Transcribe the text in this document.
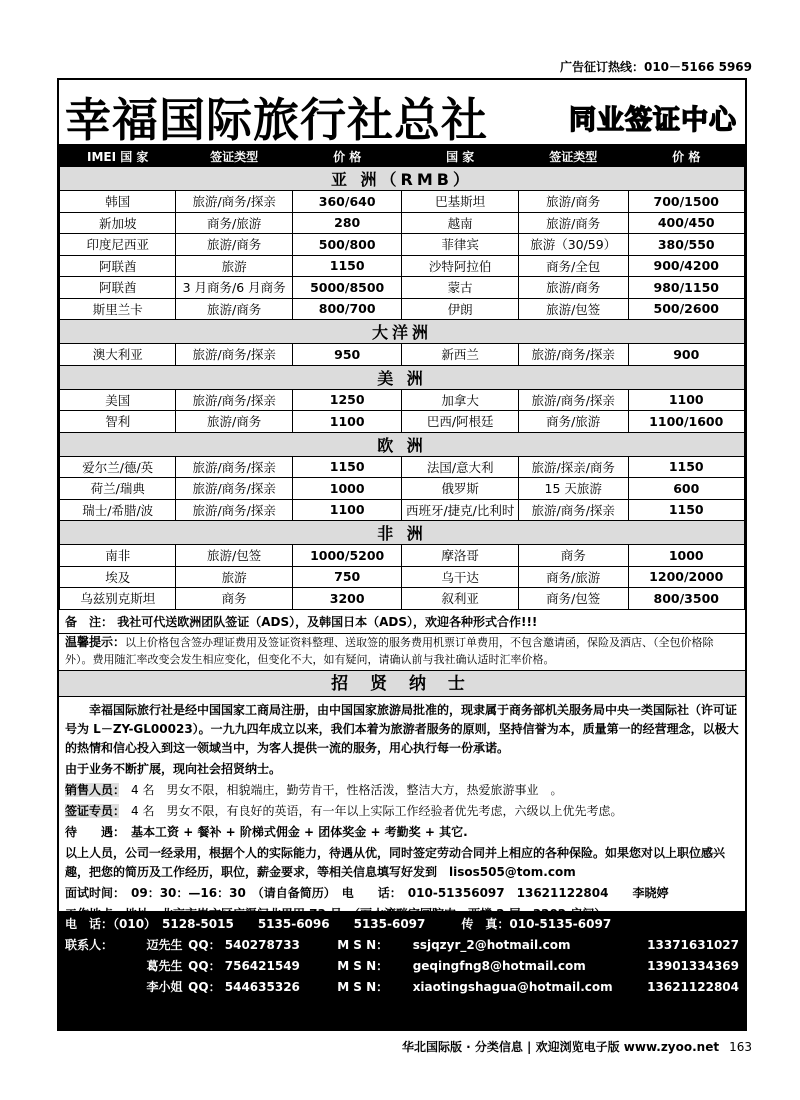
广告征订热线：010－5166 5969
幸福国际旅行社总社	同业签证中心
IMEI 国 家	签证类型	价 格	国 家	签证类型	价 格
亚 洲（RMB）					
韩国	旅游/商务/探亲	360/640	巴基斯坦	旅游/商务	700/1500
新加坡	商务/旅游	280	越南	旅游/商务	400/450
印度尼西亚	旅游/商务	500/800	菲律宾	旅游（30/59）	380/550
阿联酋	旅游	1150	沙特阿拉伯	商务/全包	900/4200
阿联酋	3 月商务/6 月商务	5000/8500	蒙古	旅游/商务	980/1150
斯里兰卡	旅游/商务	800/700	伊朗	旅游/包签	500/2600
大洋洲					
澳大利亚	旅游/商务/探亲	950	新西兰	旅游/商务/探亲	900
美 洲					
美国	旅游/商务/探亲	1250	加拿大	旅游/商务/探亲	1100
智利	旅游/商务	1100	巴西/阿根廷	商务/旅游	1100/1600
欧 洲					
爱尔兰/德/英	旅游/商务/探亲	1150	法国/意大利	旅游/探亲/商务	1150
荷兰/瑞典	旅游/商务/探亲	1000	俄罗斯	15 天旅游	600
瑞士/希腊/波	旅游/商务/探亲	1100	西班牙/捷克/比利时	旅游/商务/探亲	1150
非 洲					
南非	旅游/包签	1000/5200	摩洛哥	商务	1000
埃及	旅游	750	乌干达	商务/旅游	1200/2000
乌兹别克斯坦	商务	3200	叙利亚	商务/包签	800/3500
备　注： 我社可代送欧洲团队签证（ADS），及韩国日本（ADS），欢迎各种形式合作!!!
温馨提示：以上价格包含签办理证费用及签证资料整理、送取签的服务费用机票订单费用，不包含邀请函，保险及酒店、（全包价格除外）。费用随汇率改变会发生相应变化，但变化不大，如有疑问，请确认前与我社确认适时汇率价格。
招 贤 纳 士

幸福国际旅行社是经中国国家工商局注册，由中国国家旅游局批准的，现隶属于商务部机关服务局中央一类国际社（许可证号为 L－ZY-GL00023）。一九九四年成立以来，我们本着为旅游者服务的原则，坚持信誉为本，质量第一的经营理念，以极大的热情和信心投入到这一领域当中，为客人提供一流的服务，用心执行每一份承诺。

由于业务不断扩展，现向社会招贤纳士。

销售人员：　 4 名　男女不限，相貌端庄，勤劳肯干，性格活泼，整洁大方，热爱旅游事业　。

签证专员：　 4 名　男女不限，有良好的英语，有一年以上实际工作经验者优先考虑，六级以上优先考虑。

待　　遇：　 基本工资 + 餐补 + 阶梯式佣金 + 团体奖金 + 考勤奖 + 其它.

以上人员，公司一经录用，根据个人的实际能力，待遇从优，同时签定劳动合同并上相应的各种保险。如果您对以上职位感兴趣，把您的简历及工作经历，职位，薪金要求，等相关信息填写好发到　lisos505@tom.com

面试时间：　09：30：—16：30　（请自备简历）　电　　话：　010-51356097　13621122804　　李晓婷

电　话：（010）　5128-5015　　5135-6096　　5135-6097　　　传　真：010-5135-6097
联系人：	迈先生 QQ： 540278733	M S N：	ssjqzyr_2@hotmail.com	13371631027
葛先生 QQ： 756421549	M S N：	geqingfng8@hotmail.com	13901334369
李小姐 QQ： 544635326	M S N：	xiaotingshagua@hotmail.com	13621122804
华北国际版 · 分类信息 | 欢迎浏览电子版 www.zyoo.net 163
